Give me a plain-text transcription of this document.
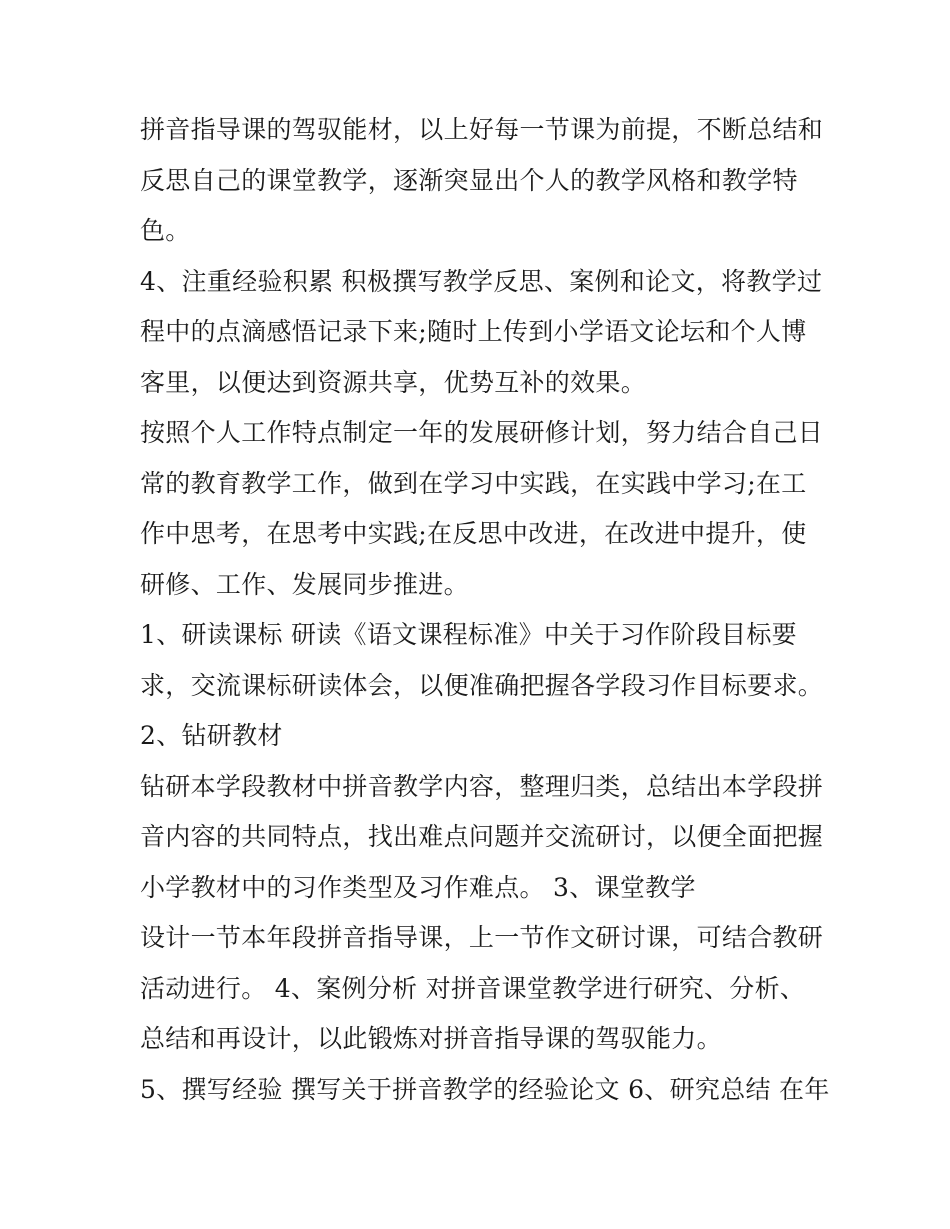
拼音指导课的驾驭能材，以上好每一节课为前提，不断总结和
反思自己的课堂教学，逐渐突显出个人的教学风格和教学特
色。
4、注重经验积累 积极撰写教学反思、案例和论文，将教学过
程中的点滴感悟记录下来;随时上传到小学语文论坛和个人博
客里，以便达到资源共享，优势互补的效果。
按照个人工作特点制定一年的发展研修计划，努力结合自己日
常的教育教学工作，做到在学习中实践，在实践中学习;在工
作中思考，在思考中实践;在反思中改进，在改进中提升，使
研修、工作、发展同步推进。
1、研读课标 研读《语文课程标准》中关于习作阶段目标要
求，交流课标研读体会，以便准确把握各学段习作目标要求。
2、钻研教材
钻研本学段教材中拼音教学内容，整理归类，总结出本学段拼
音内容的共同特点，找出难点问题并交流研讨，以便全面把握
小学教材中的习作类型及习作难点。 3、课堂教学
设计一节本年段拼音指导课，上一节作文研讨课，可结合教研
活动进行。 4、案例分析 对拼音课堂教学进行研究、分析、
总结和再设计，以此锻炼对拼音指导课的驾驭能力。
5、撰写经验 撰写关于拼音教学的经验论文 6、研究总结 在年
